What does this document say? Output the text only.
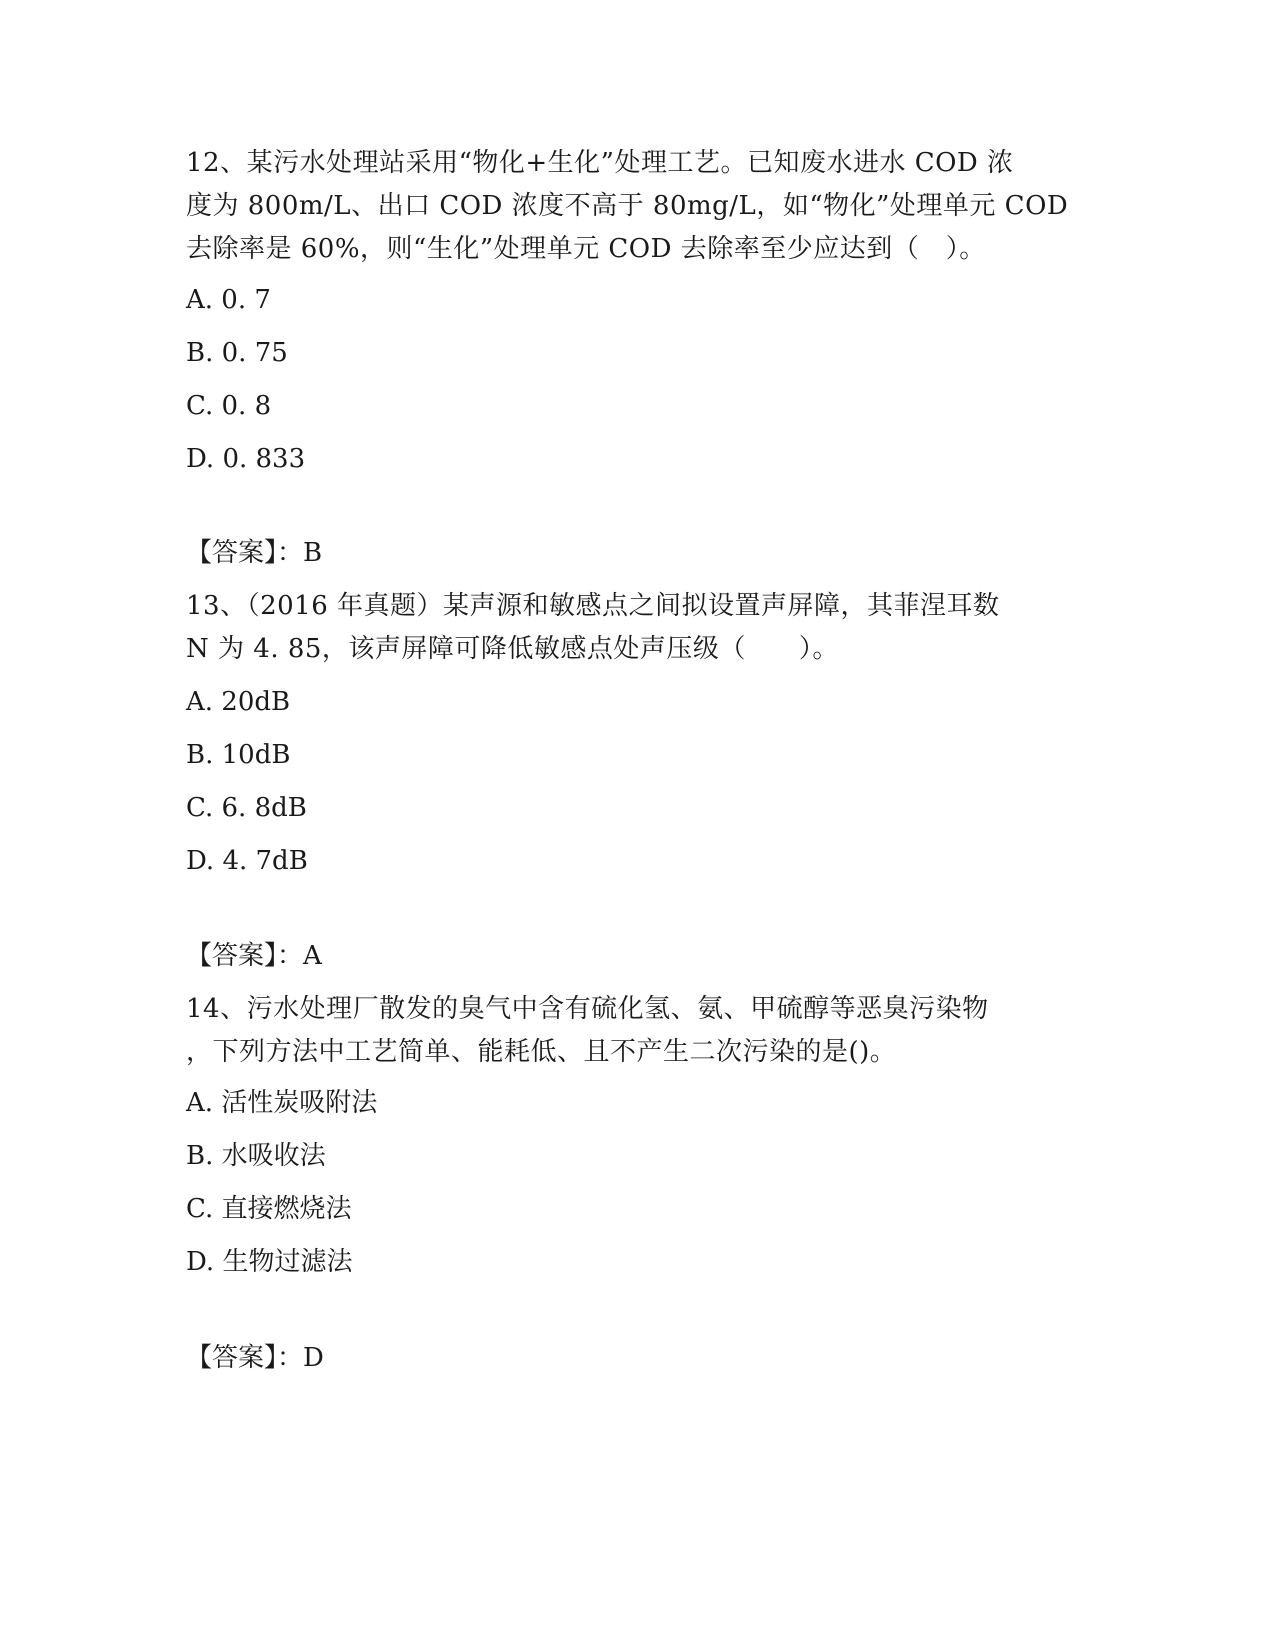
12、某污水处理站采用“物化+生化”处理工艺。已知废水进水 COD 浓
度为 800m/L、出口 COD 浓度不高于 80mg/L，如“物化”处理单元 COD
去除率是 60%，则“生化”处理单元 COD 去除率至少应达到（　）。
A. 0. 7
B. 0. 75
C. 0. 8
D. 0. 833
【答案】：B
13、（2016 年真题）某声源和敏感点之间拟设置声屏障，其菲涅耳数
N 为 4. 85，该声屏障可降低敏感点处声压级（　　）。
A. 20dB
B. 10dB
C. 6. 8dB
D. 4. 7dB
【答案】：A
14、污水处理厂散发的臭气中含有硫化氢、氨、甲硫醇等恶臭污染物
，下列方法中工艺简单、能耗低、且不产生二次污染的是()。
A. 活性炭吸附法
B. 水吸收法
C. 直接燃烧法
D. 生物过滤法
【答案】：D
